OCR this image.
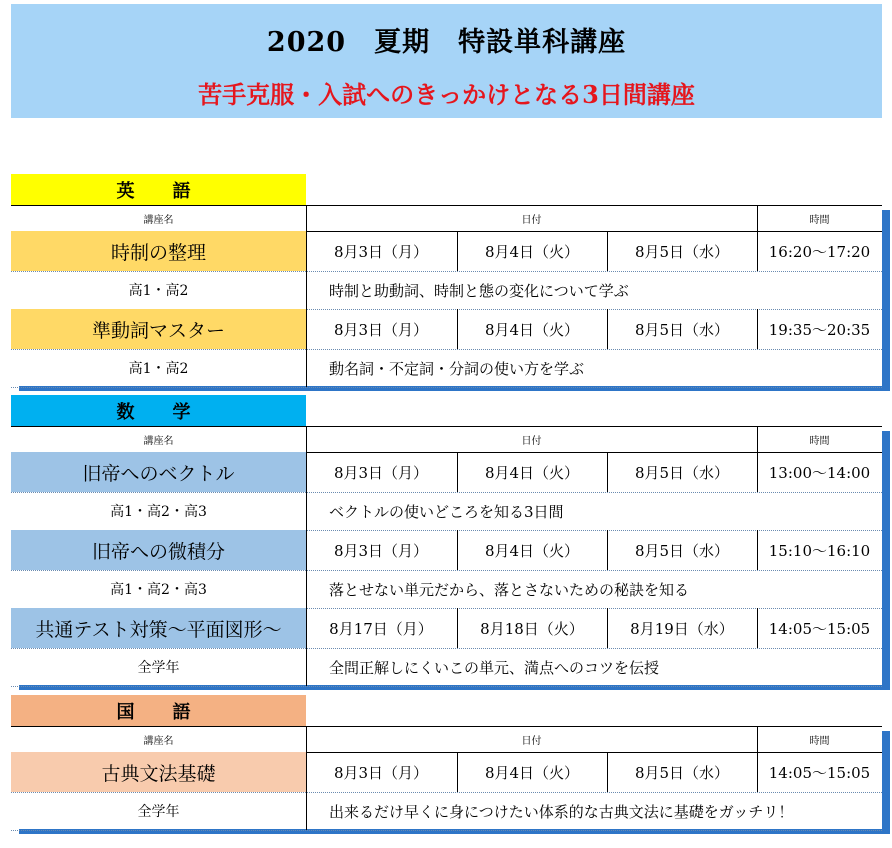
2020　夏期　特設単科講座
苦手克服・入試へのきっかけとなる3日間講座
英　語
講座名	日付	時間
時制の整理	8月3日（月）	8月4日（火）	8月5日（水）	16:20～17:20
高1・高2	時制と助動詞、時制と態の変化について学ぶ
準動詞マスター	8月3日（月）	8月4日（火）	8月5日（水）	19:35～20:35
高1・高2	動名詞・不定詞・分詞の使い方を学ぶ
数　学
講座名	日付	時間
旧帝へのベクトル	8月3日（月）	8月4日（火）	8月5日（水）	13:00～14:00
高1・高2・高3	ベクトルの使いどころを知る3日間
旧帝への微積分	8月3日（月）	8月4日（火）	8月5日（水）	15:10～16:10
高1・高2・高3	落とせない単元だから、落とさないための秘訣を知る
共通テスト対策～平面図形～	8月17日（月）	8月18日（火）	8月19日（水）	14:05～15:05
全学年	全問正解しにくいこの単元、満点へのコツを伝授
国　語
講座名	日付	時間
古典文法基礎	8月3日（月）	8月4日（火）	8月5日（水）	14:05～15:05
全学年	出来るだけ早くに身につけたい体系的な古典文法に基礎をガッチリ！
